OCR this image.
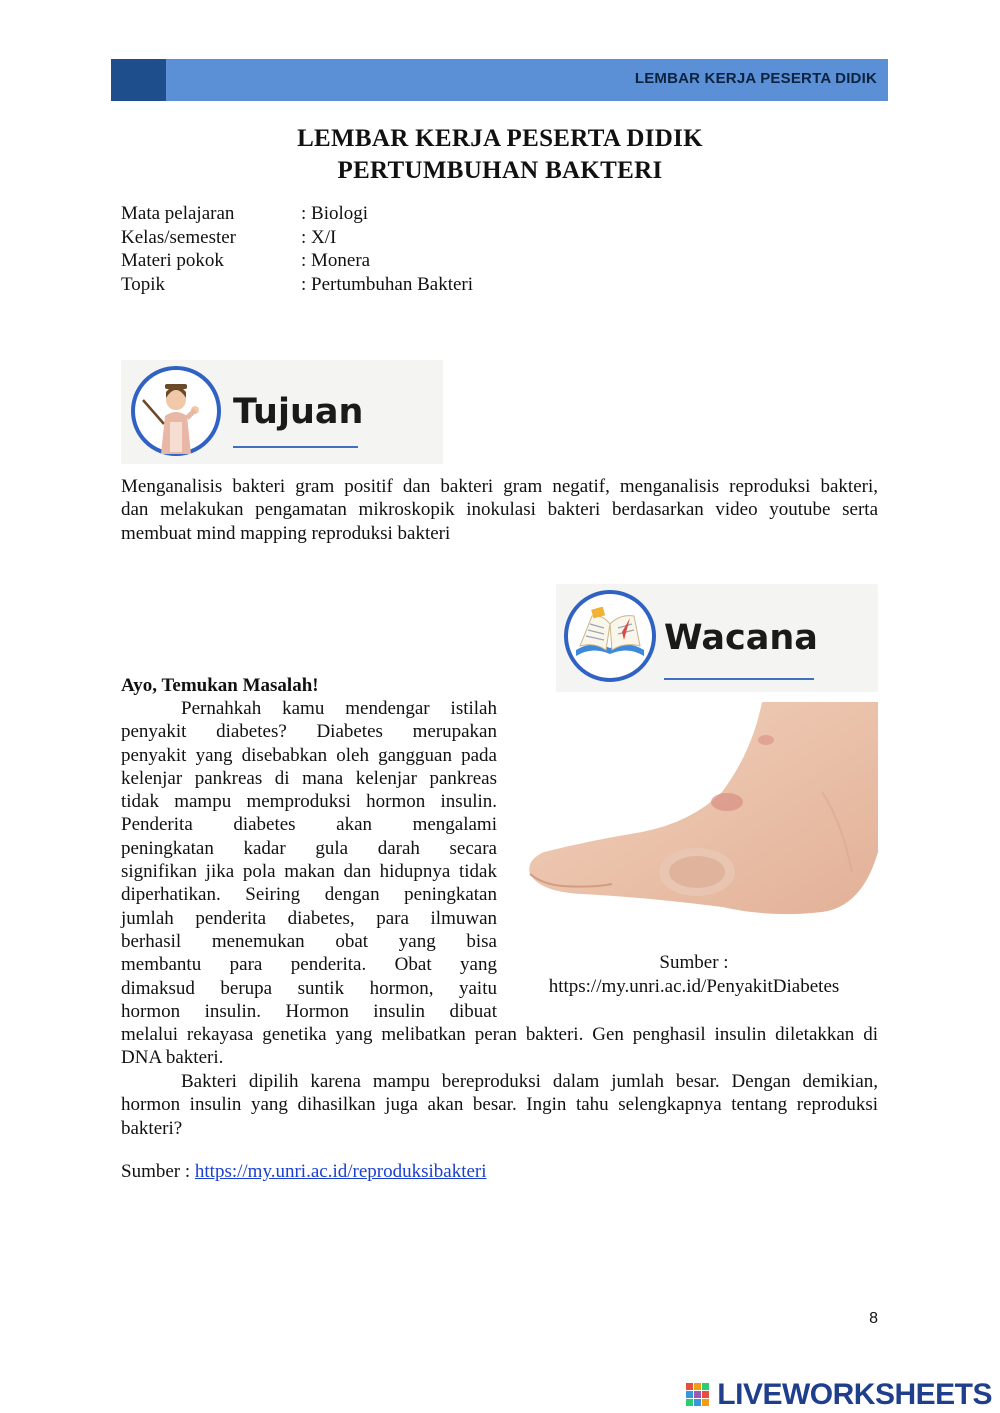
LEMBAR KERJA PESERTA DIDIK
LEMBAR KERJA PESERTA DIDIK
PERTUMBUHAN BAKTERI
Mata pelajaran	: Biologi
Kelas/semester	: X/I
Materi pokok	: Monera
Topik	: Pertumbuhan Bakteri
Tujuan
Menganalisis bakteri gram positif dan bakteri gram negatif, menganalisis reproduksi bakteri,
dan melakukan pengamatan mikroskopik inokulasi bakteri berdasarkan video youtube serta
membuat mind mapping reproduksi bakteri
Wacana
Sumber :
https://my.unri.ac.id/PenyakitDiabetes
Ayo, Temukan Masalah!
Pernahkah kamu mendengar istilah
penyakit diabetes? Diabetes merupakan
penyakit yang disebabkan oleh gangguan pada
kelenjar pankreas di mana kelenjar pankreas
tidak mampu memproduksi hormon insulin.
Penderita diabetes akan mengalami
peningkatan kadar gula darah secara
signifikan jika pola makan dan hidupnya tidak
diperhatikan. Seiring dengan peningkatan
jumlah penderita diabetes, para ilmuwan
berhasil menemukan obat yang bisa
membantu para penderita. Obat yang
dimaksud berupa suntik hormon, yaitu
hormon insulin. Hormon insulin dibuat
melalui rekayasa genetika yang melibatkan peran bakteri. Gen penghasil insulin diletakkan di
DNA bakteri.
Bakteri dipilih karena mampu bereproduksi dalam jumlah besar. Dengan demikian,
hormon insulin yang dihasilkan juga akan besar. Ingin tahu selengkapnya tentang reproduksi
bakteri?
Sumber : https://my.unri.ac.id/reproduksibakteri
8
LIVEWORKSHEETS
